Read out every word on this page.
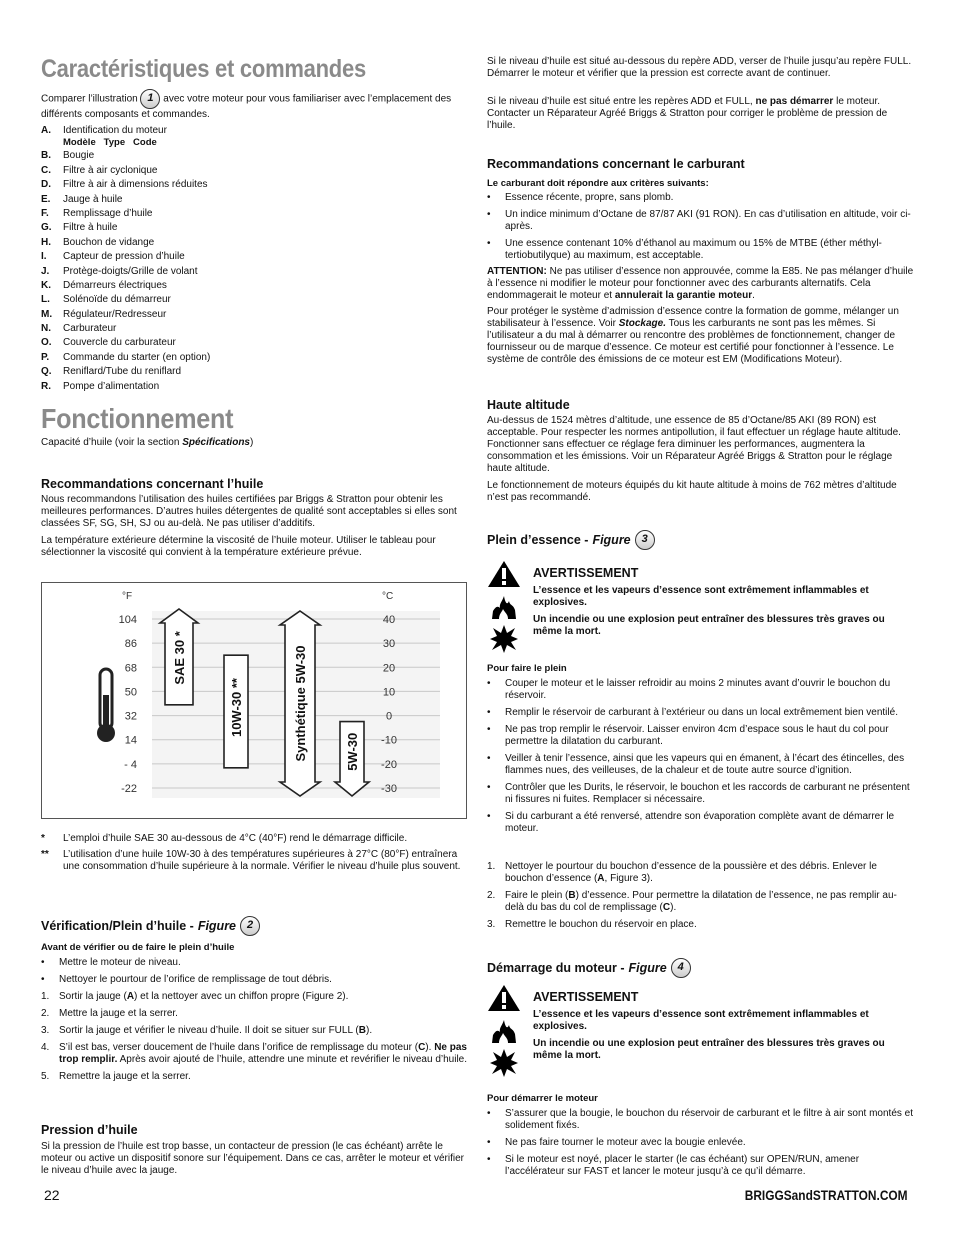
Caractéristiques et commandes

Comparer l’illustration 1 avec votre moteur pour vous familiariser avec l’emplacement des différents composants et commandes.

A.	Identification du moteur
Modèle   Type   Code
B.	Bougie
C.	Filtre à air cyclonique
D.	Filtre à air à dimensions réduites
E.	Jauge à huile
F.	Remplissage d’huile
G.	Filtre à huile
H.	Bouchon de vidange
I.	Capteur de pression d’huile
J.	Protège-doigts/Grille de volant
K.	Démarreurs électriques
L.	Solénoïde du démarreur
M.	Régulateur/Redresseur
N.	Carburateur
O.	Couvercle du carburateur
P.	Commande du starter (en option)
Q.	Reniflard/Tube du reniflard
R.	Pompe d’alimentation
Fonctionnement

Capacité d’huile (voir la section Spécifications)

Recommandations concernant l’huile

Nous recommandons l’utilisation des huiles certifiées par Briggs & Stratton pour obtenir les meilleures performances. D’autres huiles détergentes de qualité sont acceptables si elles sont classées SF, SG, SH, SJ ou au-delà. Ne pas utiliser d’additifs.

La température extérieure détermine la viscosité de l’huile moteur. Utiliser le tableau pour sélectionner la viscosité qui convient à la température extérieure prévue.

104	40
86	30
68	20
50	10
32	0
14	-10
- 4	-20
-22	-30
°F	°C
SAE 30 *
10W-30 **	Synthétique 5W-30	5W-30
*	L’emploi d’huile SAE 30 au-dessous de 4°C (40°F) rend le démarrage difficile.

**	L’utilisation d’une huile 10W-30 à des températures supérieures à 27°C (80°F) entraînera une consommation d’huile supérieure à la normale. Vérifier le niveau d’huile plus souvent.

Vérification/Plein d’huile - Figure 2

Avant de vérifier ou de faire le plein d’huile

•	Mettre le moteur de niveau.
•	Nettoyer le pourtour de l’orifice de remplissage de tout débris.
1. Sortir la jauge (A) et la nettoyer avec un chiffon propre (Figure 2).
2. Mettre la jauge et la serrer.
3. Sortir la jauge et vérifier le niveau d’huile. Il doit se situer sur FULL (B).
4. S’il est bas, verser doucement de l’huile dans l’orifice de remplissage du moteur (C). Ne pas trop remplir. Après avoir ajouté de l’huile, attendre une minute et revérifier le niveau d’huile.
5. Remettre la jauge et la serrer.
Pression d’huile

Si la pression de l’huile est trop basse, un contacteur de pression (le cas échéant) arrête le moteur ou active un dispositif sonore sur l’équipement. Dans ce cas, arrêter le moteur et vérifier le niveau d’huile avec la jauge.

Si le niveau d’huile est situé au-dessous du repère ADD, verser de l’huile jusqu’au repère FULL. Démarrer le moteur et vérifier que la pression est correcte avant de continuer.

Si le niveau d’huile est situé entre les repères ADD et FULL, ne pas démarrer le moteur. Contacter un Réparateur Agréé Briggs & Stratton pour corriger le problème de pression de l’huile.

Recommandations concernant le carburant

Le carburant doit répondre aux critères suivants:

•	Essence récente, propre, sans plomb.
•	Un indice minimum d’Octane de 87/87 AKI (91 RON). En cas d’utilisation en altitude, voir ci-après.
•	Une essence contenant 10% d’éthanol au maximum ou 15% de MTBE (éther méthyl-tertiobutilyque) au maximum, est acceptable.

ATTENTION: Ne pas utiliser d’essence non approuvée, comme la E85. Ne pas mélanger d’huile à l’essence ni modifier le moteur pour fonctionner avec des carburants alternatifs. Cela endommagerait le moteur et annulerait la garantie moteur.

Pour protéger le système d’admission d’essence contre la formation de gomme, mélanger un stabilisateur à l’essence. Voir Stockage. Tous les carburants ne sont pas les mêmes. Si l’utilisateur a du mal à démarrer ou rencontre des problèmes de fonctionnement, changer de fournisseur ou de marque d’essence. Ce moteur est certifié pour fonctionner à l’essence. Le système de contrôle des émissions de ce moteur est EM (Modifications Moteur).

Haute altitude

Au-dessus de 1524 mètres d’altitude, une essence de 85 d’Octane/85 AKI (89 RON) est acceptable. Pour respecter les normes antipollution, il faut effectuer un réglage haute altitude. Fonctionner sans effectuer ce réglage fera diminuer les performances, augmentera la consommation et les émissions. Voir un Réparateur Agréé Briggs & Stratton pour le réglage haute altitude.

Le fonctionnement de moteurs équipés du kit haute altitude à moins de 762 mètres d’altitude n’est pas recommandé.

Plein d’essence - Figure 3
AVERTISSEMENT
L’essence et les vapeurs d’essence sont extrêmement inflammables et explosives.
Un incendie ou une explosion peut entraîner des blessures très graves ou même la mort.

Pour faire le plein

•	Couper le moteur et le laisser refroidir au moins 2 minutes avant d’ouvrir le bouchon du réservoir.
•	Remplir le réservoir de carburant à l’extérieur ou dans un local extrêmement bien ventilé.
•	Ne pas trop remplir le réservoir. Laisser environ 4cm d’espace sous le haut du col pour permettre la dilatation du carburant.
•	Veiller à tenir l’essence, ainsi que les vapeurs qui en émanent, à l’écart des étincelles, des flammes nues, des veilleuses, de la chaleur et de toute autre source d’ignition.
•	Contrôler que les Durits, le réservoir, le bouchon et les raccords de carburant ne présentent ni fissures ni fuites. Remplacer si nécessaire.
•	Si du carburant a été renversé, attendre son évaporation complète avant de démarrer le moteur.
1. Nettoyer le pourtour du bouchon d’essence de la poussière et des débris. Enlever le bouchon d’essence (A, Figure 3).
2. Faire le plein (B) d’essence. Pour permettre la dilatation de l’essence, ne pas remplir au-delà du bas du col de remplissage (C).
3. Remettre le bouchon du réservoir en place.
Démarrage du moteur - Figure 4
AVERTISSEMENT
L’essence et les vapeurs d’essence sont extrêmement inflammables et explosives.
Un incendie ou une explosion peut entraîner des blessures très graves ou même la mort.

Pour démarrer le moteur

•	S’assurer que la bougie, le bouchon du réservoir de carburant et le filtre à air sont montés et solidement fixés.
•	Ne pas faire tourner le moteur avec la bougie enlevée.
•	Si le moteur est noyé, placer le starter (le cas échéant) sur OPEN/RUN, amener l’accélérateur sur FAST et lancer le moteur jusqu’à ce qu’il démarre.
22	BRIGGSandSTRATTON.COM
